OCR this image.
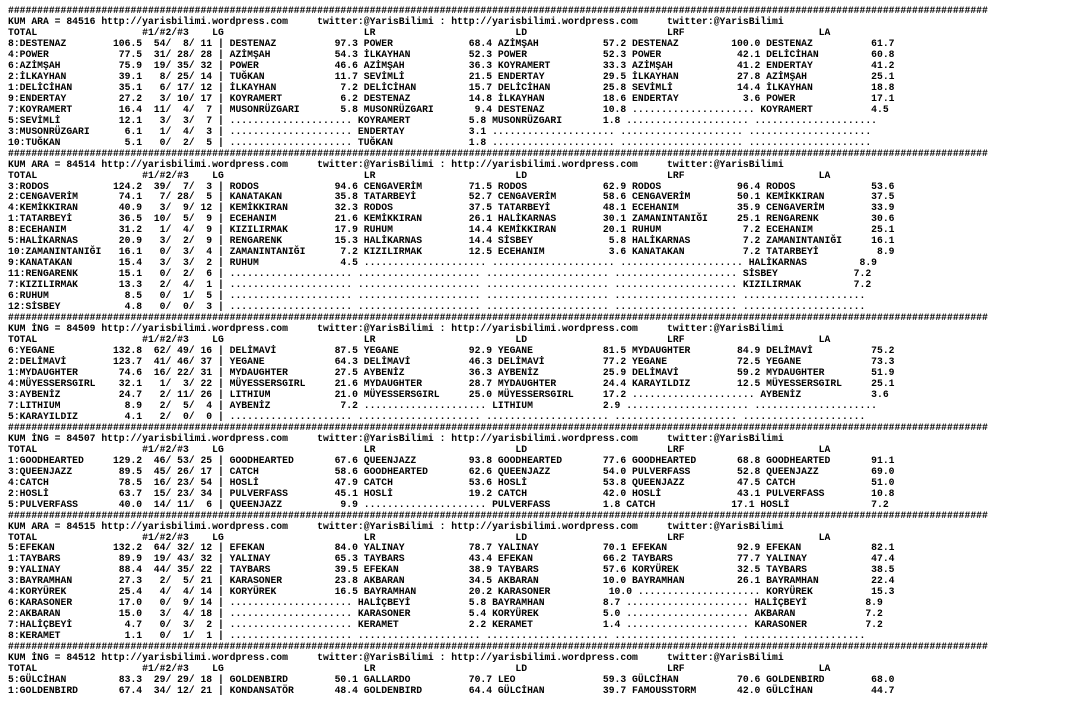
########################################################################################################################################################################
KUM ARA = 84516 http://yarisbilimi.wordpress.com     twitter:@YarisBilimi : http://yarisbilimi.wordpress.com     twitter:@YarisBilimi
TOTAL                  #1/#2/#3    LG                        LR                        LD                        LRF                       LA
8:DESTENAZ        106.5  54/  8/ 11 | DESTENAZ          97.3 POWER             68.4 AZİMŞAH           57.2 DESTENAZ         100.0 DESTENAZ          61.7
4:POWER            77.5  31/ 28/ 28 | AZİMŞAH           54.3 İLKAYHAN          52.3 POWER             52.3 POWER             42.1 DELİCİHAN         60.8
6:AZİMŞAH          75.9  19/ 35/ 32 | POWER             46.6 AZİMŞAH           36.3 KOYRAMERT         33.3 AZİMŞAH           41.2 ENDERTAY          41.2
2:İLKAYHAN         39.1   8/ 25/ 14 | TUĞKAN            11.7 SEVİMLİ           21.5 ENDERTAY          29.5 İLKAYHAN          27.8 AZİMŞAH           25.1
1:DELİCİHAN        35.1   6/ 17/ 12 | İLKAYHAN           7.2 DELİCİHAN         15.7 DELİCİHAN         25.8 SEVİMLİ           14.4 İLKAYHAN          18.8
9:ENDERTAY         27.2   3/ 10/ 17 | KOYRAMERT          6.2 DESTENAZ          14.8 İLKAYHAN          18.6 ENDERTAY           3.6 POWER             17.1
7:KOYRAMERT        16.4  11/  4/  7 | MUSONRÜZGARI       5.8 MUSONRÜZGARI       9.4 DESTENAZ          10.8 ..................... KOYRAMERT          4.5
5:SEVİMLİ          12.1   3/  3/  7 | ..................... KOYRAMERT          5.8 MUSONRÜZGARI       1.8 ..................... .....................
3:MUSONRÜZGARI      6.1   1/  4/  3 | ..................... ENDERTAY           3.1 ..................... ..................... .....................
10:TUĞKAN           5.1   0/  2/  5 | ..................... TUĞKAN             1.8 ..................... ..................... .....................
########################################################################################################################################################################
KUM ARA = 84514 http://yarisbilimi.wordpress.com     twitter:@YarisBilimi : http://yarisbilimi.wordpress.com     twitter:@YarisBilimi
TOTAL                  #1/#2/#3    LG                        LR                        LD                        LRF                       LA
3:RODOS           124.2  39/  7/  3 | RODOS             94.6 CENGAVERİM        71.5 RODOS             62.9 RODOS             96.4 RODOS             53.6
2:CENGAVERİM       74.1   7/ 28/  5 | KANATAKAN         35.8 TATARBEYİ         52.7 CENGAVERİM        58.6 CENGAVERİM        50.1 KEMİKKIRAN        37.5
4:KEMİKKIRAN       40.9   3/  9/ 12 | KEMİKKIRAN        32.3 RODOS             37.5 TATARBEYİ         48.1 ECEHANIM          35.9 CENGAVERİM        33.9
1:TATARBEYİ        36.5  10/  5/  9 | ECEHANIM          21.6 KEMİKKIRAN        26.1 HALİKARNAS        30.1 ZAMANINTANIĞI     25.1 RENGARENK         30.6
8:ECEHANIM         31.2   1/  4/  9 | KIZILIRMAK        17.9 RUHUM             14.4 KEMİKKIRAN        20.1 RUHUM              7.2 ECEHANIM          25.1
5:HALİKARNAS       20.9   3/  2/  9 | RENGARENK         15.3 HALİKARNAS        14.4 SİSBEY             5.8 HALİKARNAS         7.2 ZAMANINTANIĞI     16.1
10:ZAMANINTANIĞI   16.1   0/  3/  4 | ZAMANINTANIĞI      7.2 KIZILIRMAK        12.5 ECEHANIM           3.6 KANATAKAN          7.2 TATARBEYİ          8.9
9:KANATAKAN        15.4   3/  3/  2 | RUHUM              4.5 ..................... ..................... ..................... HALİKARNAS         8.9
11:RENGARENK       15.1   0/  2/  6 | ..................... ..................... ..................... ..................... SİSBEY             7.2
7:KIZILIRMAK       13.3   2/  4/  1 | ..................... ..................... ..................... ..................... KIZILIRMAK         7.2
6:RUHUM             8.5   0/  1/  5 | ..................... ..................... ..................... ..................... .....................
12:SİSBEY           4.8   0/  0/  3 | ..................... ..................... ..................... ..................... .....................
########################################################################################################################################################################
KUM İNG = 84509 http://yarisbilimi.wordpress.com     twitter:@YarisBilimi : http://yarisbilimi.wordpress.com     twitter:@YarisBilimi
TOTAL                  #1/#2/#3    LG                        LR                        LD                        LRF                       LA
6:YEGANE          132.8  62/ 49/ 16 | DELİMAVİ          87.5 YEGANE            92.9 YEGANE            81.5 MYDAUGHTER        84.9 DELİMAVİ          75.2
2:DELİMAVİ        123.7  41/ 46/ 37 | YEGANE            64.3 DELİMAVİ          46.3 DELİMAVİ          77.2 YEGANE            72.5 YEGANE            73.3
1:MYDAUGHTER       74.6  16/ 22/ 31 | MYDAUGHTER        27.5 AYBENİZ           36.3 AYBENİZ           25.9 DELİMAVİ          59.2 MYDAUGHTER        51.9
4:MÜYESSERSGIRL    32.1   1/  3/ 22 | MÜYESSERSGIRL     21.6 MYDAUGHTER        28.7 MYDAUGHTER        24.4 KARAYILDIZ        12.5 MÜYESSERSGIRL     25.1
3:AYBENİZ          24.7   2/ 11/ 26 | LITHIUM           21.0 MÜYESSERSGIRL     25.0 MÜYESSERSGIRL     17.2 ..................... AYBENİZ            3.6
7:LITHIUM           8.9   2/  5/  4 | AYBENİZ            7.2 ..................... LITHIUM            2.9 ..................... .....................
5:KARAYILDIZ        4.1   2/  0/  0 | ..................... ..................... ..................... ..................... .....................
########################################################################################################################################################################
KUM İNG = 84507 http://yarisbilimi.wordpress.com     twitter:@YarisBilimi : http://yarisbilimi.wordpress.com     twitter:@YarisBilimi
TOTAL                  #1/#2/#3    LG                        LR                        LD                        LRF                       LA
1:GOODHEARTED     129.2  46/ 53/ 25 | GOODHEARTED       67.6 QUEENJAZZ         93.8 GOODHEARTED       77.6 GOODHEARTED       68.8 GOODHEARTED       91.1
3:QUEENJAZZ        89.5  45/ 26/ 17 | CATCH             58.6 GOODHEARTED       62.6 QUEENJAZZ         54.0 PULVERFASS        52.8 QUEENJAZZ         69.0
4:CATCH            78.5  16/ 23/ 54 | HOSLİ             47.9 CATCH             53.6 HOSLİ             53.8 QUEENJAZZ         47.5 CATCH             51.0
2:HOSLİ            63.7  15/ 23/ 34 | PULVERFASS        45.1 HOSLİ             19.2 CATCH             42.0 HOSLİ             43.1 PULVERFASS        10.8
5:PULVERFASS       40.0  14/ 11/  6 | QUEENJAZZ          9.9 ..................... PULVERFASS         1.8 CATCH             17.1 HOSLİ              7.2
########################################################################################################################################################################
KUM ARA = 84515 http://yarisbilimi.wordpress.com     twitter:@YarisBilimi : http://yarisbilimi.wordpress.com     twitter:@YarisBilimi
TOTAL                  #1/#2/#3    LG                        LR                        LD                        LRF                       LA
5:EFEKAN          132.2  64/ 32/ 12 | EFEKAN            84.0 YALINAY           78.7 YALINAY           70.1 EFEKAN            92.9 EFEKAN            82.1
1:TAYBARS          89.9  19/ 43/ 32 | YALINAY           65.3 TAYBARS           43.4 EFEKAN            66.2 TAYBARS           77.7 YALINAY           47.4
9:YALINAY          88.4  44/ 35/ 22 | TAYBARS           39.5 EFEKAN            38.9 TAYBARS           57.6 KORYÜREK          32.5 TAYBARS           38.5
3:BAYRAMHAN        27.3   2/  5/ 21 | KARASONER         23.8 AKBARAN           34.5 AKBARAN           10.0 BAYRAMHAN         26.1 BAYRAMHAN         22.4
4:KORYÜREK         25.4   4/  4/ 14 | KORYÜREK          16.5 BAYRAMHAN         20.2 KARASONER          10.0 ..................... KORYÜREK          15.3
6:KARASONER        17.0   0/  9/ 14 | ..................... HALİÇBEYİ          5.8 BAYRAMHAN          8.7 ..................... HALİÇBEYİ          8.9
2:AKBARAN          15.0   3/  4/ 18 | ..................... KARASONER          5.4 KORYÜREK           5.0 ..................... AKBARAN            7.2
7:HALİÇBEYİ         4.7   0/  3/  2 | ..................... KERAMET            2.2 KERAMET            1.4 ..................... KARASONER          7.2
8:KERAMET           1.1   0/  1/  1 | ..................... ..................... ..................... ..................... .....................
########################################################################################################################################################################
KUM İNG = 84512 http://yarisbilimi.wordpress.com     twitter:@YarisBilimi : http://yarisbilimi.wordpress.com     twitter:@YarisBilimi
TOTAL                  #1/#2/#3    LG                        LR                        LD                        LRF                       LA
5:GÜLCİHAN         83.3  29/ 29/ 18 | GOLDENBIRD        50.1 GALLARDO          70.7 LEO               59.3 GÜLCİHAN          70.6 GOLDENBIRD        68.0
1:GOLDENBIRD       67.4  34/ 12/ 21 | KONDANSATÖR       48.4 GOLDENBIRD        64.4 GÜLCİHAN          39.7 FAMOUSSTORM       42.0 GÜLCİHAN          44.7
